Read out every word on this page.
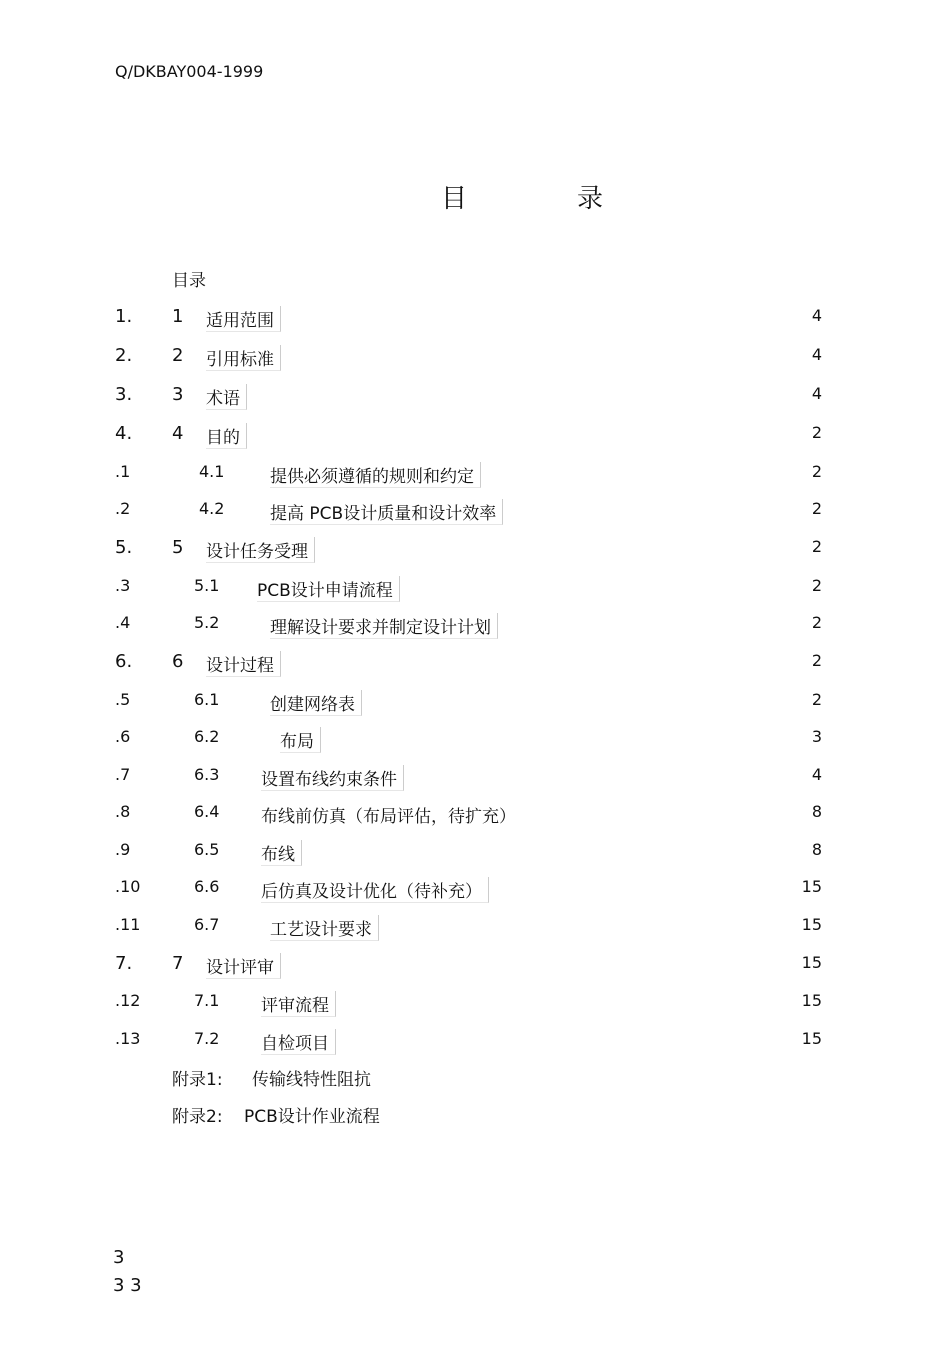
Q/DKBAY004-1999
目	录
目录
1. 1 适用范围	4
2. 2 引用标准	4
3. 3 术语	4
4. 4 目的	2
.1	4.1	提供必须遵循的规则和约定	2
.2	4.2	提高 PCB设计质量和设计效率	2
5. 5 设计任务受理	2
.3	5.1 PCB设计申请流程	2
.4	5.2	理解设计要求并制定设计计划	2
6. 6 设计过程	2
.5	6.1	创建网络表	2
.6	6.2	布局	3
.7	6.3 设置布线约束条件	4
.8	6.4 布线前仿真（布局评估，待扩充）	8
.9	6.5 布线	8
.10	6.6 后仿真及设计优化（待补充）	15
.11	6.7	工艺设计要求	15
7. 7 设计评审	15
.12	7.1 评审流程	15
.13	7.2 自检项目	15
附录1: 传输线特性阻抗
附录2: PCB设计作业流程
3
3 3
